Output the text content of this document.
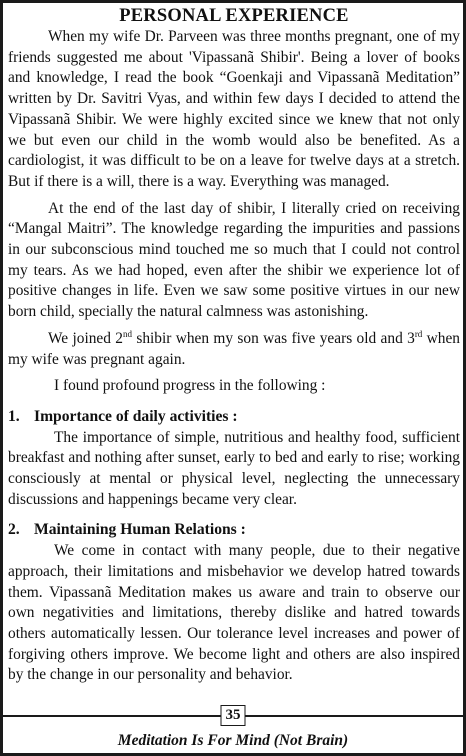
PERSONAL EXPERIENCE

When my wife Dr. Parveen was three months pregnant, one of my friends suggested me about 'Vipassanã Shibir'. Being a lover of books and knowledge, I read the book “Goenkaji and Vipassanã Meditation” written by Dr. Savitri Vyas, and within few days I decided to attend the Vipassanã Shibir. We were highly excited since we knew that not only we but even our child in the womb would also be benefited. As a cardiologist, it was difficult to be on a leave for twelve days at a stretch. But if there is a will, there is a way. Everything was managed.

At the end of the last day of shibir, I literally cried on receiving “Mangal Maitri”. The knowledge regarding the impurities and passions in our subconscious mind touched me so much that I could not control my tears. As we had hoped, even after the shibir we experience lot of positive changes in life. Even we saw some positive virtues in our new born child, specially the natural calmness was astonishing.

We joined 2nd shibir when my son was five years old and 3rd when my wife was pregnant again.

I found profound progress in the following :

1. Importance of daily activities :

The importance of simple, nutritious and healthy food, sufficient breakfast and nothing after sunset, early to bed and early to rise; working consciously at mental or physical level, neglecting the unnecessary discussions and happenings became very clear.

2. Maintaining Human Relations :

We come in contact with many people, due to their negative approach, their limitations and misbehavior we develop hatred towards them. Vipassanã Meditation makes us aware and train to observe our own negativities and limitations, thereby dislike and hatred towards others automatically lessen. Our tolerance level increases and power of forgiving others improve. We become light and others are also inspired by the change in our personality and behavior.

35
Meditation Is For Mind (Not Brain)
